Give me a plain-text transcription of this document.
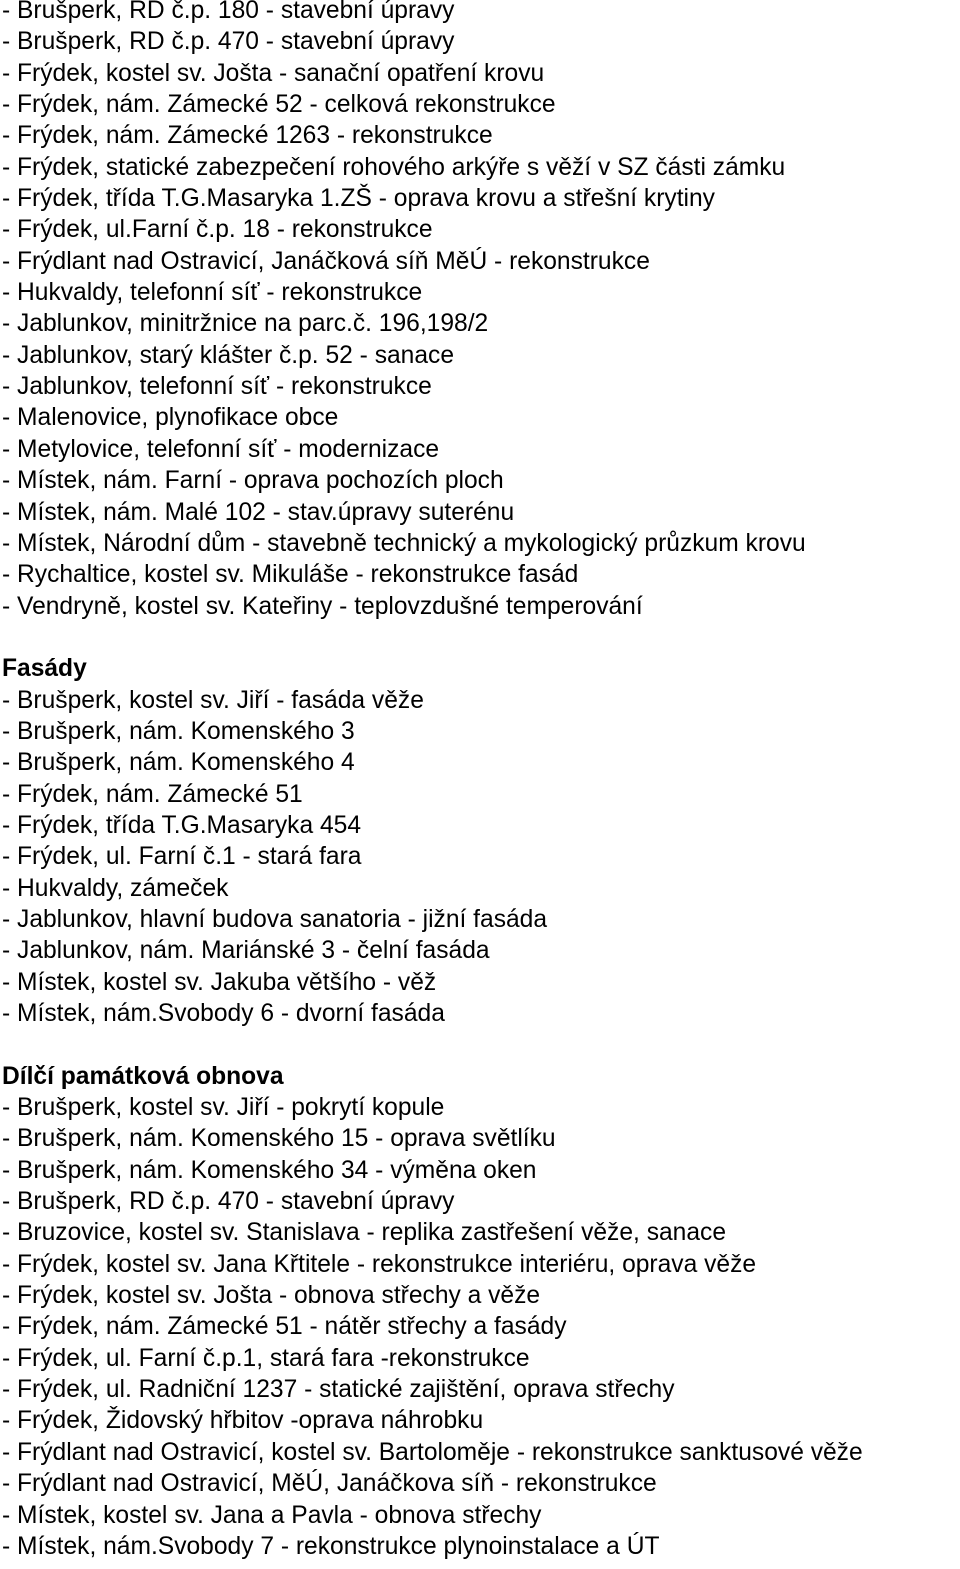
- Brušperk, RD č.p. 180 - stavební úpravy
- Brušperk, RD č.p. 470 - stavební úpravy
- Frýdek, kostel sv. Jošta - sanační opatření krovu
- Frýdek, nám. Zámecké 52 - celková rekonstrukce
- Frýdek, nám. Zámecké 1263 - rekonstrukce
- Frýdek, statické zabezpečení rohového arkýře s věží v SZ části zámku
- Frýdek, třída T.G.Masaryka 1.ZŠ - oprava krovu a střešní krytiny
- Frýdek, ul.Farní č.p. 18 - rekonstrukce
- Frýdlant nad Ostravicí, Janáčková síň MěÚ - rekonstrukce
- Hukvaldy, telefonní síť - rekonstrukce
- Jablunkov, minitržnice na parc.č. 196,198/2
- Jablunkov, starý klášter č.p. 52 - sanace
- Jablunkov, telefonní síť - rekonstrukce
- Malenovice, plynofikace obce
- Metylovice, telefonní síť - modernizace
- Místek, nám. Farní - oprava pochozích ploch
- Místek, nám. Malé 102 - stav.úpravy suterénu
- Místek, Národní dům - stavebně technický a mykologický průzkum krovu
- Rychaltice, kostel sv. Mikuláše - rekonstrukce fasád
- Vendryně, kostel sv. Kateřiny - teplovzdušné temperování
Fasády
- Brušperk, kostel sv. Jiří - fasáda věže
- Brušperk, nám. Komenského 3
- Brušperk, nám. Komenského 4
- Frýdek, nám. Zámecké 51
- Frýdek, třída T.G.Masaryka 454
- Frýdek, ul. Farní č.1 - stará fara
- Hukvaldy, zámeček
- Jablunkov, hlavní budova sanatoria - jižní fasáda
- Jablunkov, nám. Mariánské 3 - čelní fasáda
- Místek, kostel sv. Jakuba většího - věž
- Místek, nám.Svobody 6 - dvorní fasáda
Dílčí památková obnova
- Brušperk, kostel sv. Jiří - pokrytí kopule
- Brušperk, nám. Komenského 15 - oprava světlíku
- Brušperk, nám. Komenského 34 - výměna oken
- Brušperk, RD č.p. 470 - stavební úpravy
- Bruzovice, kostel sv. Stanislava - replika zastřešení věže, sanace
- Frýdek, kostel sv. Jana Křtitele - rekonstrukce interiéru, oprava věže
- Frýdek, kostel sv. Jošta - obnova střechy a věže
- Frýdek, nám. Zámecké 51 - nátěr střechy a fasády
- Frýdek, ul. Farní č.p.1, stará fara -rekonstrukce
- Frýdek, ul. Radniční 1237 - statické zajištění, oprava střechy
- Frýdek, Židovský hřbitov -oprava náhrobku
- Frýdlant nad Ostravicí, kostel sv. Bartoloměje - rekonstrukce sanktusové věže
- Frýdlant nad Ostravicí, MěÚ, Janáčkova síň - rekonstrukce
- Místek, kostel sv. Jana a Pavla - obnova střechy
- Místek, nám.Svobody 7 - rekonstrukce plynoinstalace a ÚT
